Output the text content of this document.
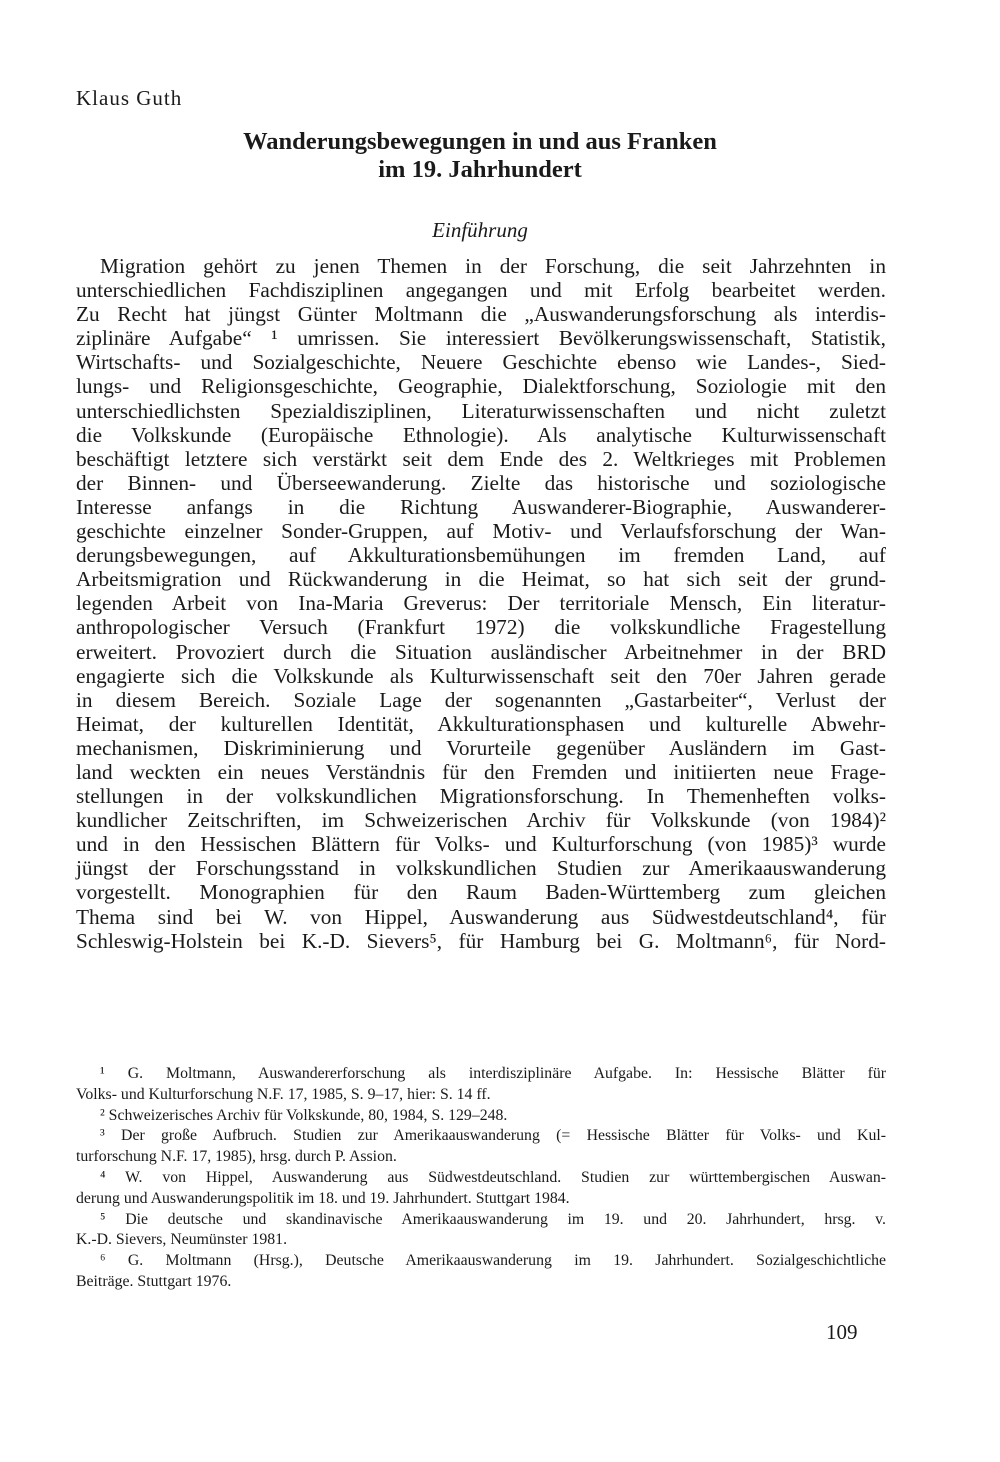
Klaus Guth
Wanderungsbewegungen in und aus Franken
im 19. Jahrhundert
Einführung
Migration gehört zu jenen Themen in der Forschung, die seit Jahrzehnten in
unterschiedlichen Fachdisziplinen angegangen und mit Erfolg bearbeitet werden.
Zu Recht hat jüngst Günter Moltmann die „Auswanderungsforschung als interdis-
ziplinäre Aufgabe“ ¹ umrissen. Sie interessiert Bevölkerungswissenschaft, Statistik,
Wirtschafts- und Sozialgeschichte, Neuere Geschichte ebenso wie Landes-, Sied-
lungs- und Religionsgeschichte, Geographie, Dialektforschung, Soziologie mit den
unterschiedlichsten Spezialdisziplinen, Literaturwissenschaften und nicht zuletzt
die Volkskunde (Europäische Ethnologie). Als analytische Kulturwissenschaft
beschäftigt letztere sich verstärkt seit dem Ende des 2. Weltkrieges mit Problemen
der Binnen- und Überseewanderung. Zielte das historische und soziologische
Interesse anfangs in die Richtung Auswanderer-Biographie, Auswanderer-
geschichte einzelner Sonder-Gruppen, auf Motiv- und Verlaufsforschung der Wan-
derungsbewegungen, auf Akkulturationsbemühungen im fremden Land, auf
Arbeitsmigration und Rückwanderung in die Heimat, so hat sich seit der grund-
legenden Arbeit von Ina-Maria Greverus: Der territoriale Mensch, Ein literatur-
anthropologischer Versuch (Frankfurt 1972) die volkskundliche Fragestellung
erweitert. Provoziert durch die Situation ausländischer Arbeitnehmer in der BRD
engagierte sich die Volkskunde als Kulturwissenschaft seit den 70er Jahren gerade
in diesem Bereich. Soziale Lage der sogenannten „Gastarbeiter“, Verlust der
Heimat, der kulturellen Identität, Akkulturationsphasen und kulturelle Abwehr-
mechanismen, Diskriminierung und Vorurteile gegenüber Ausländern im Gast-
land weckten ein neues Verständnis für den Fremden und initiierten neue Frage-
stellungen in der volkskundlichen Migrationsforschung. In Themenheften volks-
kundlicher Zeitschriften, im Schweizerischen Archiv für Volkskunde (von 1984)²
und in den Hessischen Blättern für Volks- und Kulturforschung (von 1985)³ wurde
jüngst der Forschungsstand in volkskundlichen Studien zur Amerikaauswanderung
vorgestellt. Monographien für den Raum Baden-Württemberg zum gleichen
Thema sind bei W. von Hippel, Auswanderung aus Südwestdeutschland⁴, für
Schleswig-Holstein bei K.-D. Sievers⁵, für Hamburg bei G. Moltmann⁶, für Nord-
¹ G. Moltmann, Auswandererforschung als interdisziplinäre Aufgabe. In: Hessische Blätter für
Volks- und Kulturforschung N.F. 17, 1985, S. 9–17, hier: S. 14 ff.
² Schweizerisches Archiv für Volkskunde, 80, 1984, S. 129–248.
³ Der große Aufbruch. Studien zur Amerikaauswanderung (= Hessische Blätter für Volks- und Kul-
turforschung N.F. 17, 1985), hrsg. durch P. Assion.
⁴ W. von Hippel, Auswanderung aus Südwestdeutschland. Studien zur württembergischen Auswan-
derung und Auswanderungspolitik im 18. und 19. Jahrhundert. Stuttgart 1984.
⁵ Die deutsche und skandinavische Amerikaauswanderung im 19. und 20. Jahrhundert, hrsg. v.
K.-D. Sievers, Neumünster 1981.
⁶ G. Moltmann (Hrsg.), Deutsche Amerikaauswanderung im 19. Jahrhundert. Sozialgeschichtliche
Beiträge. Stuttgart 1976.
109
